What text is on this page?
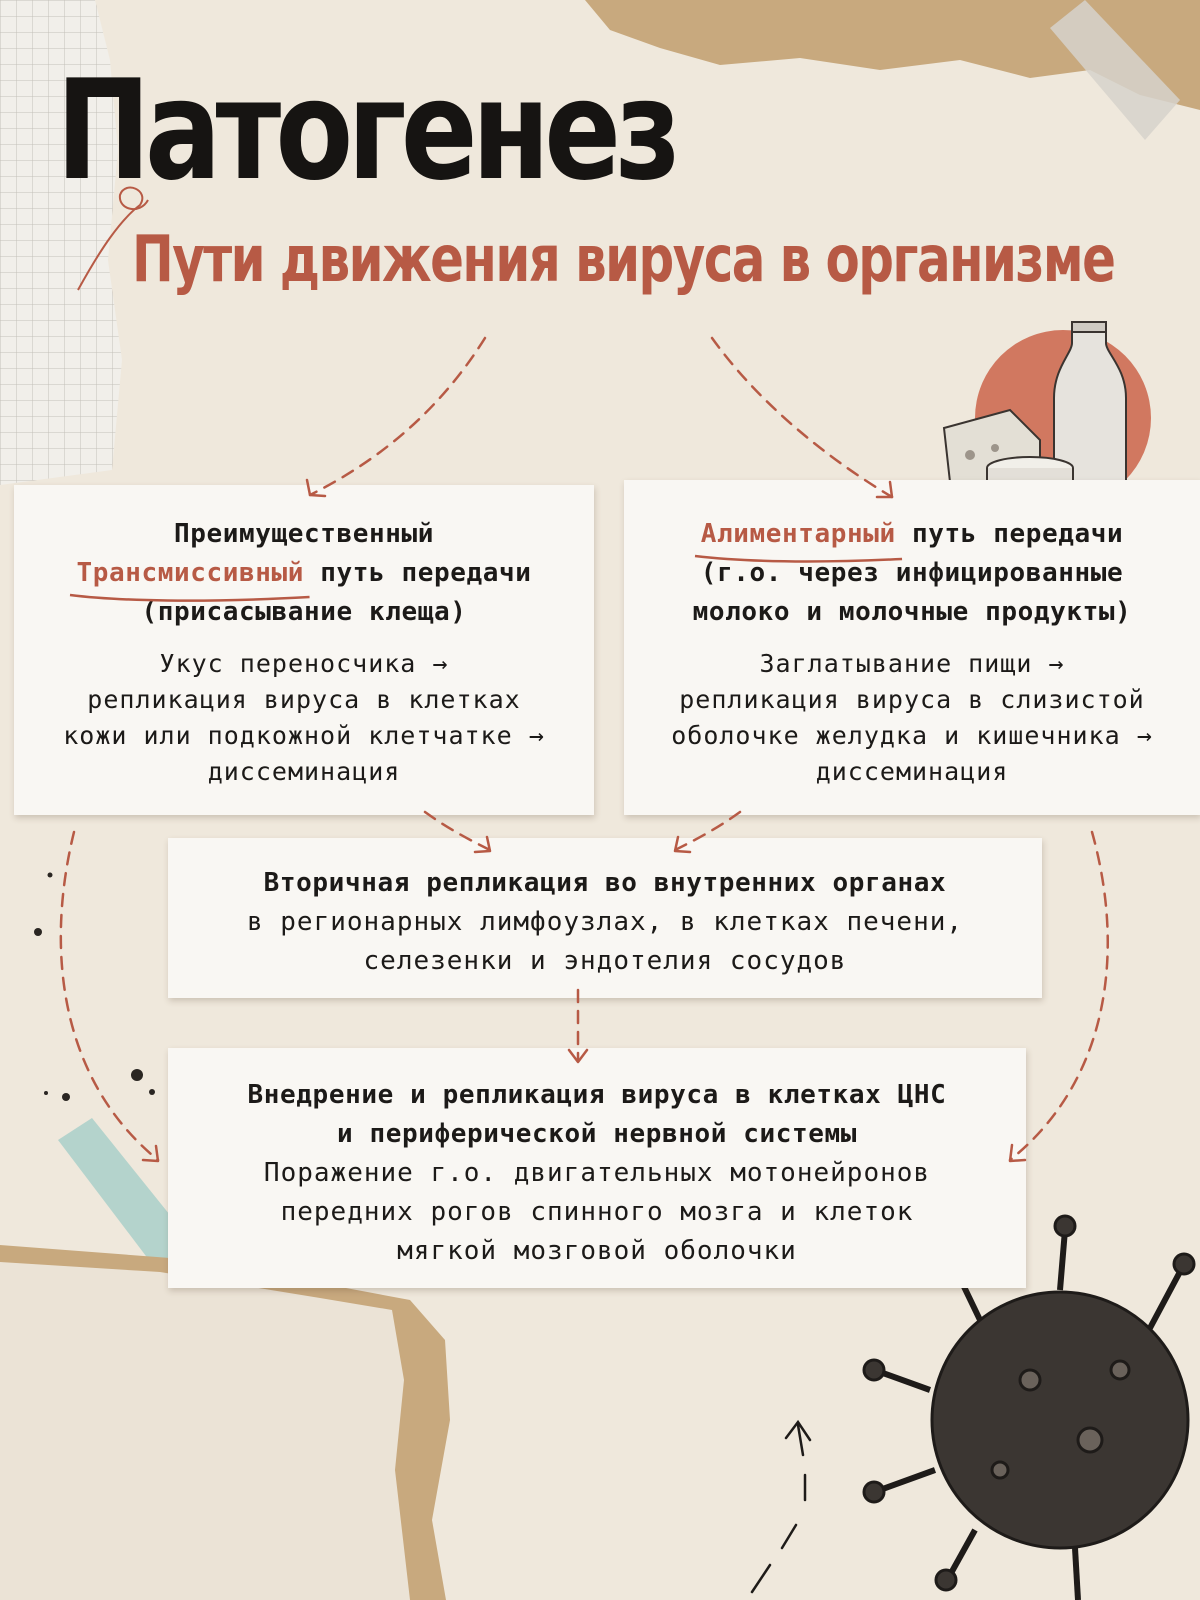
Патогенез
Пути движения вируса в организме
Преимущественный
Трансмиссивный
путь передачи
(присасывание клеща)
Укус переносчика →
репликация вируса в клетках
кожи или подкожной клетчатке →
диссеминация
Алиментарный
путь передачи
(г.о. через инфицированные
молоко и молочные продукты)
Заглатывание пищи →
репликация вируса в слизистой
оболочке желудка и кишечника →
диссеминация
Вторичная репликация во внутренних органах
в регионарных лимфоузлах, в клетках печени,
селезенки и эндотелия сосудов
Внедрение и репликация вируса в клетках ЦНС
и периферической нервной системы
Поражение г.о. двигательных мотонейронов
передних рогов спинного мозга и клеток
мягкой мозговой оболочки
